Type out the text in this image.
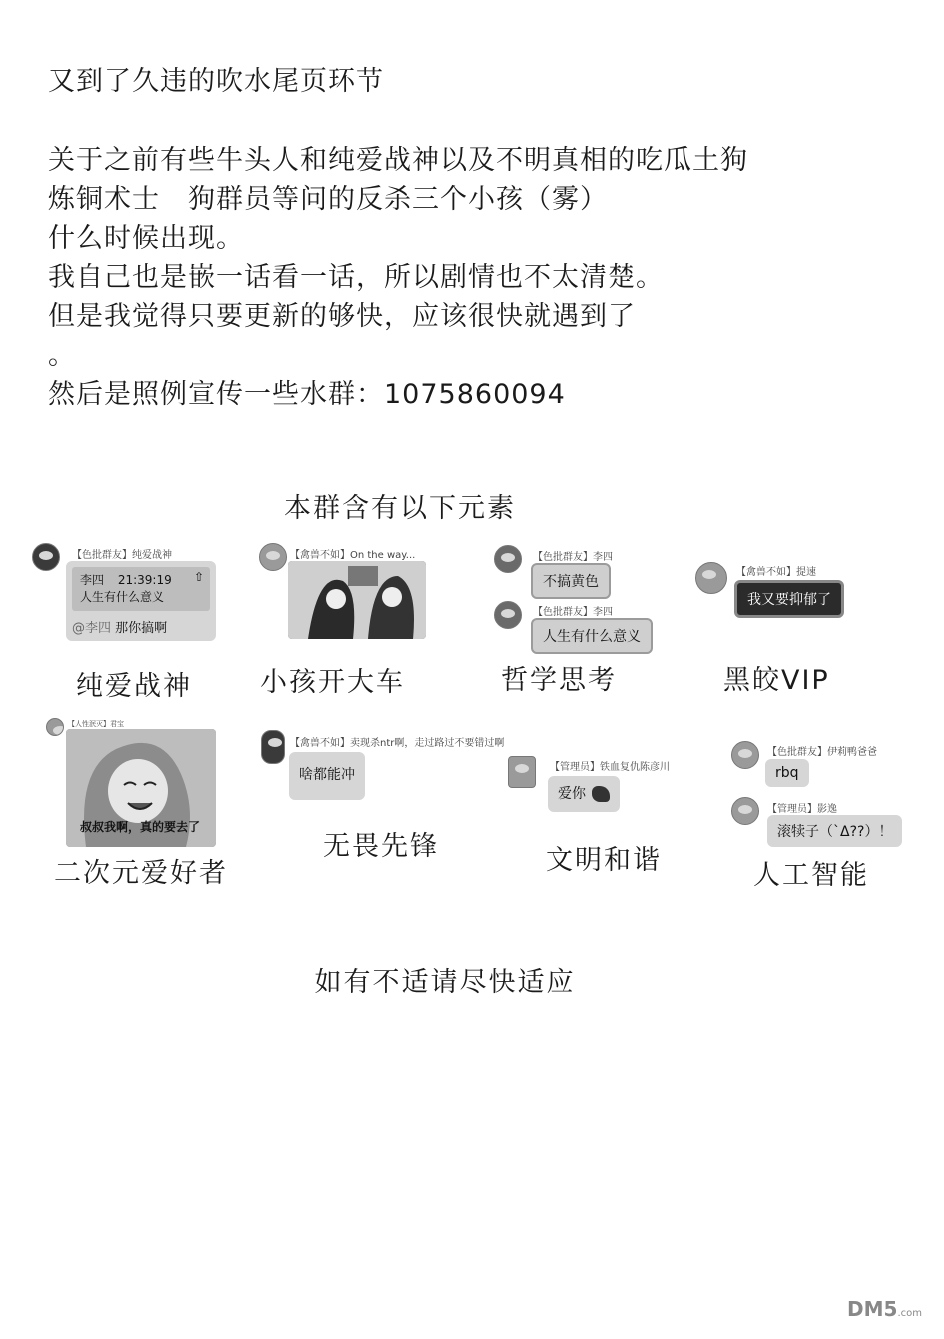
又到了久违的吹水尾页环节

关于之前有些牛头人和纯爱战神以及不明真相的吃瓜土狗

炼铜术士　狗群员等问的反杀三个小孩（雾）

什么时候出现。

我自己也是嵌一话看一话，所以剧情也不太清楚。

但是我觉得只要更新的够快，应该很快就遇到了

。

然后是照例宣传一些水群：1075860094

本群含有以下元素
【色批群友】纯爱战神
李四 21:39:19 ⇧
人生有什么意义
@李四 那你搞啊
纯爱战神
【禽兽不如】On the way...
小孩开大车
【色批群友】李四
不搞黄色
【色批群友】李四
人生有什么意义
哲学思考
【禽兽不如】提速
我又要抑郁了
黑皎VIP
【人性泯灭】君宝
叔叔我啊，真的要去了
二次元爱好者
【禽兽不如】卖现杀ntr啊，走过路过不要错过啊
啥都能冲
无畏先锋
【管理员】铁血复仇陈彦川
爱你
文明和谐
【色批群友】伊莉鸭爸爸
rbq
【管理员】影逸
滚犊子（`Δ??）！
人工智能
如有不适请尽快适应
DM5.com
